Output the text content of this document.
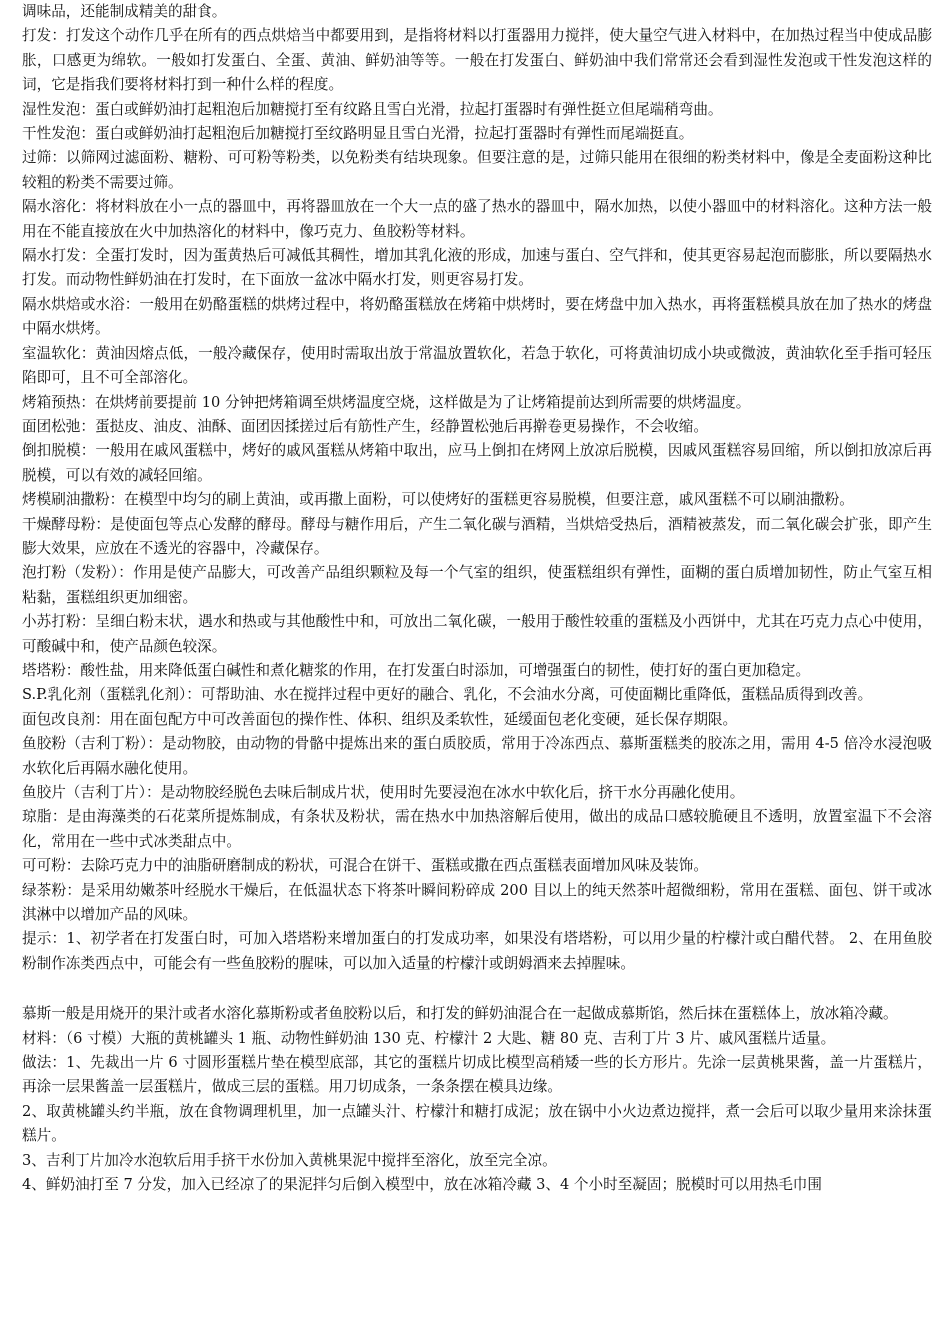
调味品，还能制成精美的甜食。

打发：打发这个动作几乎在所有的西点烘焙当中都要用到，是指将材料以打蛋器用力搅拌，使大量空气进入材料中，在加热过程当中使成品膨胀，口感更为绵软。一般如打发蛋白、全蛋、黄油、鲜奶油等等。一般在打发蛋白、鲜奶油中我们常常还会看到湿性发泡或干性发泡这样的词，它是指我们要将材料打到一种什么样的程度。

湿性发泡：蛋白或鲜奶油打起粗泡后加糖搅打至有纹路且雪白光滑，拉起打蛋器时有弹性挺立但尾端稍弯曲。

干性发泡：蛋白或鲜奶油打起粗泡后加糖搅打至纹路明显且雪白光滑，拉起打蛋器时有弹性而尾端挺直。

过筛：以筛网过滤面粉、糖粉、可可粉等粉类，以免粉类有结块现象。但要注意的是，过筛只能用在很细的粉类材料中，像是全麦面粉这种比较粗的粉类不需要过筛。

隔水溶化：将材料放在小一点的器皿中，再将器皿放在一个大一点的盛了热水的器皿中，隔水加热，以使小器皿中的材料溶化。这种方法一般用在不能直接放在火中加热溶化的材料中，像巧克力、鱼胶粉等材料。

隔水打发：全蛋打发时，因为蛋黄热后可减低其稠性，增加其乳化液的形成，加速与蛋白、空气拌和，使其更容易起泡而膨胀，所以要隔热水打发。而动物性鲜奶油在打发时，在下面放一盆冰中隔水打发，则更容易打发。

隔水烘焙或水浴：一般用在奶酪蛋糕的烘烤过程中，将奶酪蛋糕放在烤箱中烘烤时，要在烤盘中加入热水，再将蛋糕模具放在加了热水的烤盘中隔水烘烤。

室温软化：黄油因熔点低，一般冷藏保存，使用时需取出放于常温放置软化，若急于软化，可将黄油切成小块或微波，黄油软化至手指可轻压陷即可，且不可全部溶化。

烤箱预热：在烘烤前要提前 10 分钟把烤箱调至烘烤温度空烧，这样做是为了让烤箱提前达到所需要的烘烤温度。

面团松弛：蛋挞皮、油皮、油酥、面团因揉搓过后有筋性产生，经静置松弛后再擀卷更易操作，不会收缩。

倒扣脱模：一般用在戚风蛋糕中，烤好的戚风蛋糕从烤箱中取出，应马上倒扣在烤网上放凉后脱模，因戚风蛋糕容易回缩，所以倒扣放凉后再脱模，可以有效的减轻回缩。

烤模刷油撒粉：在模型中均匀的刷上黄油，或再撒上面粉，可以使烤好的蛋糕更容易脱模，但要注意，戚风蛋糕不可以刷油撒粉。

干燥酵母粉：是使面包等点心发酵的酵母。酵母与糖作用后，产生二氧化碳与酒精，当烘焙受热后，酒精被蒸发，而二氧化碳会扩张，即产生膨大效果，应放在不透光的容器中，冷藏保存。

泡打粉（发粉）：作用是使产品膨大，可改善产品组织颗粒及每一个气室的组织，使蛋糕组织有弹性，面糊的蛋白质增加韧性，防止气室互相粘黏，蛋糕组织更加细密。

小苏打粉：呈细白粉末状，遇水和热或与其他酸性中和，可放出二氧化碳，一般用于酸性较重的蛋糕及小西饼中，尤其在巧克力点心中使用，可酸碱中和，使产品颜色较深。

塔塔粉：酸性盐，用来降低蛋白碱性和煮化糖浆的作用，在打发蛋白时添加，可增强蛋白的韧性，使打好的蛋白更加稳定。

S.P.乳化剂（蛋糕乳化剂）：可帮助油、水在搅拌过程中更好的融合、乳化，不会油水分离，可使面糊比重降低，蛋糕品质得到改善。

面包改良剂：用在面包配方中可改善面包的操作性、体积、组织及柔软性，延缓面包老化变硬，延长保存期限。

鱼胶粉（吉利丁粉）：是动物胶，由动物的骨骼中提炼出来的蛋白质胶质，常用于冷冻西点、慕斯蛋糕类的胶冻之用，需用 4-5 倍冷水浸泡吸水软化后再隔水融化使用。

鱼胶片（吉利丁片）：是动物胶经脱色去味后制成片状，使用时先要浸泡在冰水中软化后，挤干水分再融化使用。

琼脂：是由海藻类的石花菜所提炼制成，有条状及粉状，需在热水中加热溶解后使用，做出的成品口感较脆硬且不透明，放置室温下不会溶化，常用在一些中式冰类甜点中。

可可粉：去除巧克力中的油脂研磨制成的粉状，可混合在饼干、蛋糕或撒在西点蛋糕表面增加风味及装饰。

绿茶粉：是采用幼嫩茶叶经脱水干燥后，在低温状态下将茶叶瞬间粉碎成 200 目以上的纯天然茶叶超微细粉，常用在蛋糕、面包、饼干或冰淇淋中以增加产品的风味。

提示：1、初学者在打发蛋白时，可加入塔塔粉来增加蛋白的打发成功率，如果没有塔塔粉，可以用少量的柠檬汁或白醋代替。 2、在用鱼胶粉制作冻类西点中，可能会有一些鱼胶粉的腥味，可以加入适量的柠檬汁或朗姆酒来去掉腥味。

慕斯一般是用烧开的果汁或者水溶化慕斯粉或者鱼胶粉以后，和打发的鲜奶油混合在一起做成慕斯馅，然后抹在蛋糕体上，放冰箱冷藏。

材料：（6 寸模）大瓶的黄桃罐头 1 瓶、动物性鲜奶油 130 克、柠檬汁 2 大匙、糖 80 克、吉利丁片 3 片、戚风蛋糕片适量。

做法：1、先裁出一片 6 寸圆形蛋糕片垫在模型底部，其它的蛋糕片切成比模型高稍矮一些的长方形片。先涂一层黄桃果酱，盖一片蛋糕片，再涂一层果酱盖一层蛋糕片，做成三层的蛋糕。用刀切成条，一条条摆在模具边缘。

2、取黄桃罐头约半瓶，放在食物调理机里，加一点罐头汁、柠檬汁和糖打成泥；放在锅中小火边煮边搅拌，煮一会后可以取少量用来涂抹蛋糕片。

3、吉利丁片加冷水泡软后用手挤干水份加入黄桃果泥中搅拌至溶化，放至完全凉。

4、鲜奶油打至 7 分发，加入已经凉了的果泥拌匀后倒入模型中，放在冰箱冷藏 3、4 个小时至凝固；脱模时可以用热毛巾围
